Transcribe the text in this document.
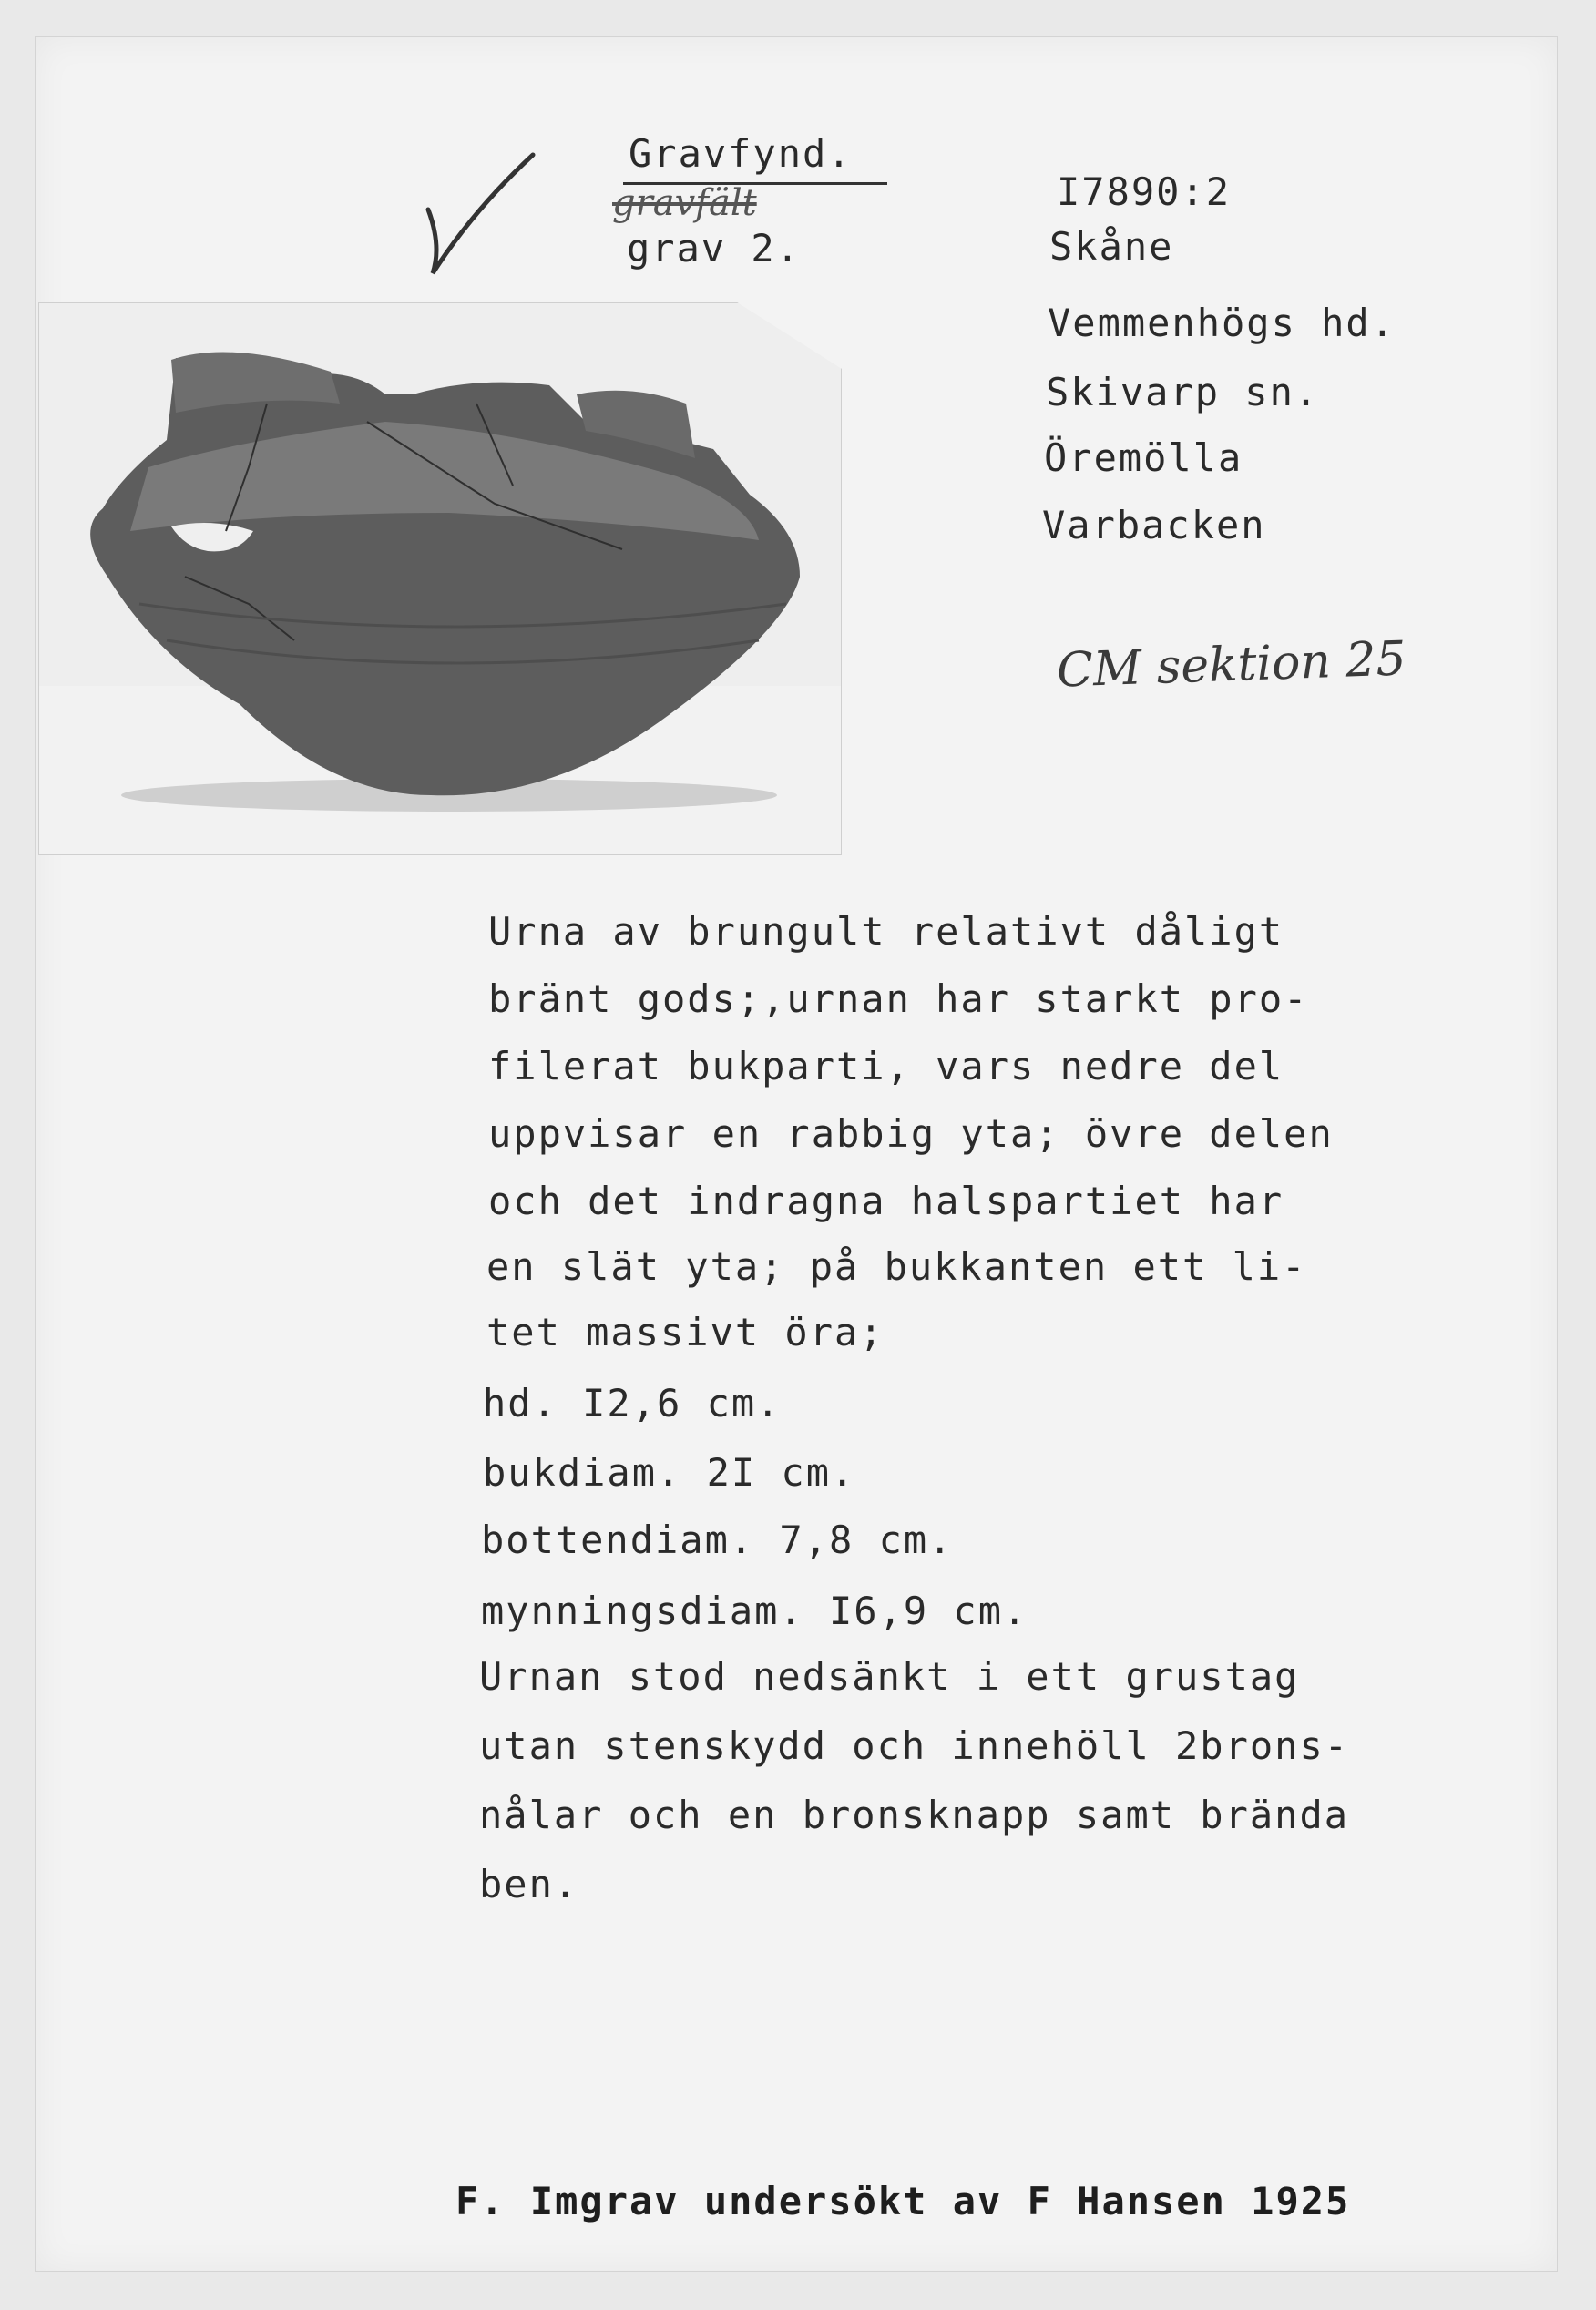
Gravfynd.
gravfält
grav 2.
I7890:2
Skåne
Vemmenhögs hd.
Skivarp sn.
Öremölla
Varbacken
CM sektion 25
Urna av brungult relativt dåligt
bränt gods;,urnan har starkt pro-
filerat bukparti, vars nedre del
uppvisar en rabbig yta; övre delen
och det indragna halspartiet har
en slät yta; på bukkanten ett li-
tet massivt öra;
hd. I2,6 cm.
bukdiam. 2I cm.
bottendiam. 7,8 cm.
mynningsdiam. I6,9 cm.
Urnan stod nedsänkt i ett grustag
utan stenskydd och innehöll 2brons-
nålar och en bronsknapp samt brända
ben.
F. Imgrav undersökt av F Hansen 1925
